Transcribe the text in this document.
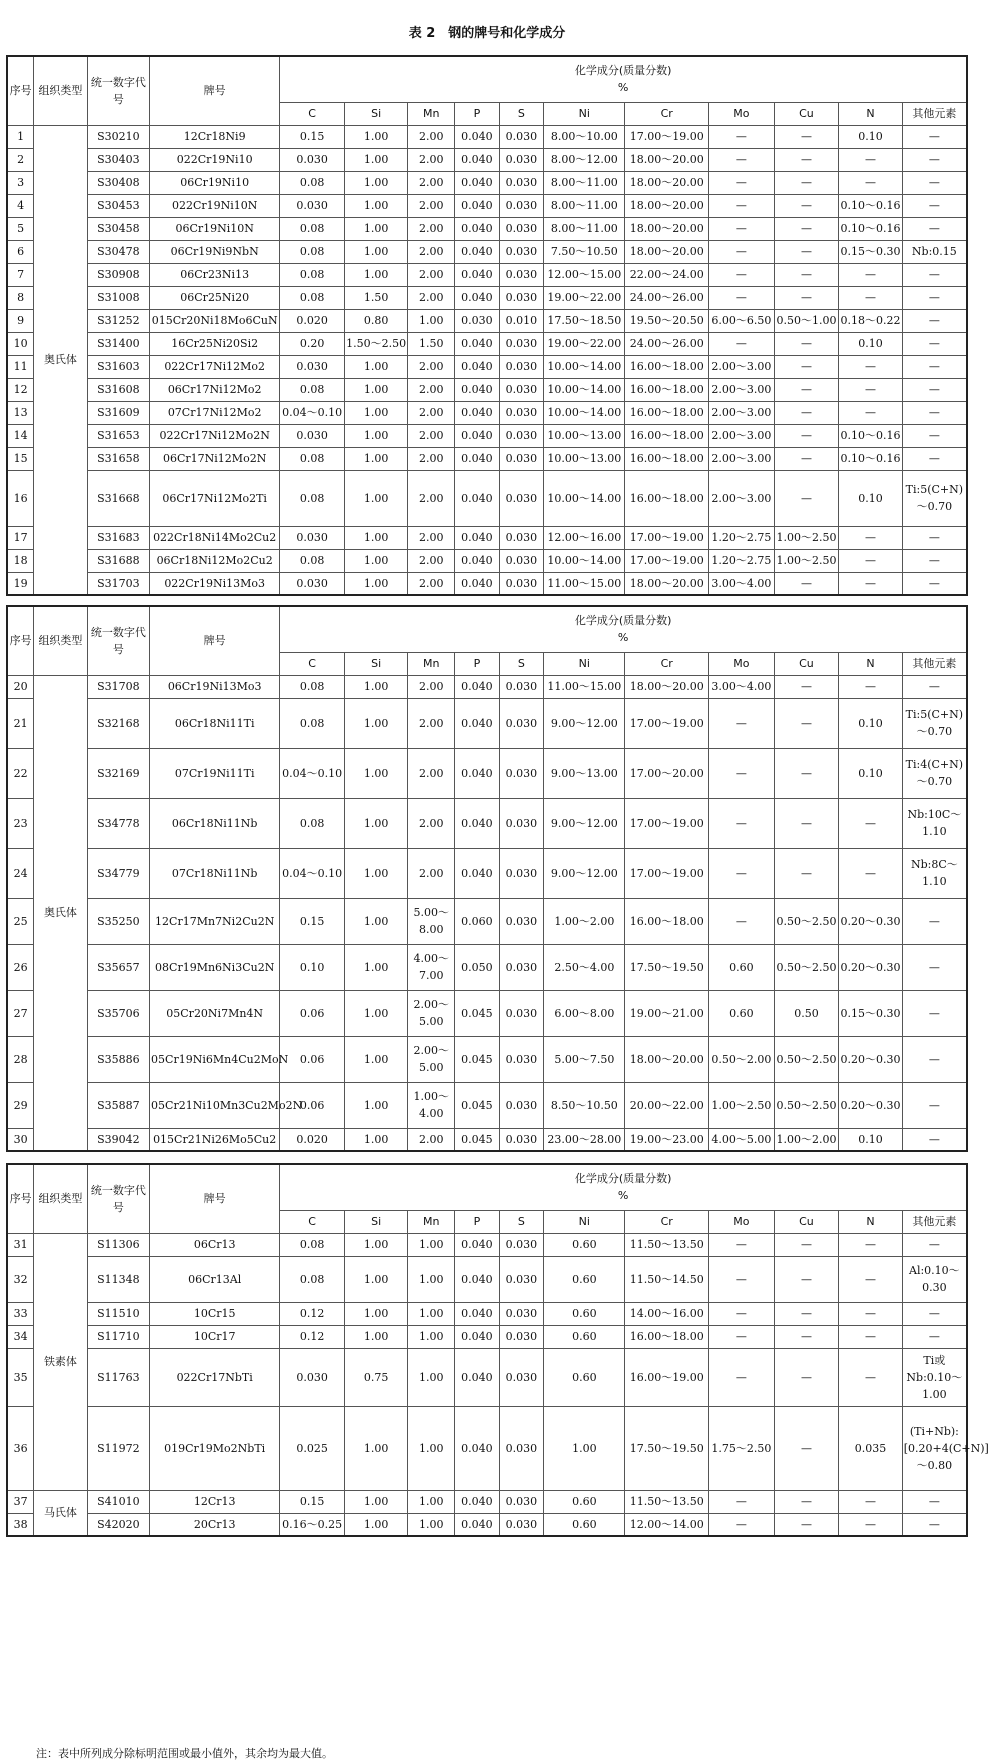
表 2　钢的牌号和化学成分
序号	组织类型	统一数字代号	牌号	化学成分(质量分数)
%										
				C	Si	Mn	P	S	Ni	Cr	Mo	Cu	N	其他元素
1	奥氏体	S30210	12Cr18Ni9	0.15	1.00	2.00	0.040	0.030	8.00～10.00	17.00～19.00	—	—	0.10	—
2		S30403	022Cr19Ni10	0.030	1.00	2.00	0.040	0.030	8.00～12.00	18.00～20.00	—	—	—	—
3		S30408	06Cr19Ni10	0.08	1.00	2.00	0.040	0.030	8.00～11.00	18.00～20.00	—	—	—	—
4		S30453	022Cr19Ni10N	0.030	1.00	2.00	0.040	0.030	8.00～11.00	18.00～20.00	—	—	0.10～0.16	—
5		S30458	06Cr19Ni10N	0.08	1.00	2.00	0.040	0.030	8.00～11.00	18.00～20.00	—	—	0.10～0.16	—
6		S30478	06Cr19Ni9NbN	0.08	1.00	2.00	0.040	0.030	7.50～10.50	18.00～20.00	—	—	0.15～0.30	Nb:0.15
7		S30908	06Cr23Ni13	0.08	1.00	2.00	0.040	0.030	12.00～15.00	22.00～24.00	—	—	—	—
8		S31008	06Cr25Ni20	0.08	1.50	2.00	0.040	0.030	19.00～22.00	24.00～26.00	—	—	—	—
9		S31252	015Cr20Ni18Mo6CuN	0.020	0.80	1.00	0.030	0.010	17.50～18.50	19.50～20.50	6.00～6.50	0.50～1.00	0.18～0.22	—
10		S31400	16Cr25Ni20Si2	0.20	1.50～2.50	1.50	0.040	0.030	19.00～22.00	24.00～26.00	—	—	0.10	—
11		S31603	022Cr17Ni12Mo2	0.030	1.00	2.00	0.040	0.030	10.00～14.00	16.00～18.00	2.00～3.00	—	—	—
12		S31608	06Cr17Ni12Mo2	0.08	1.00	2.00	0.040	0.030	10.00～14.00	16.00～18.00	2.00～3.00	—	—	—
13		S31609	07Cr17Ni12Mo2	0.04～0.10	1.00	2.00	0.040	0.030	10.00～14.00	16.00～18.00	2.00～3.00	—	—	—
14		S31653	022Cr17Ni12Mo2N	0.030	1.00	2.00	0.040	0.030	10.00～13.00	16.00～18.00	2.00～3.00	—	0.10～0.16	—
15		S31658	06Cr17Ni12Mo2N	0.08	1.00	2.00	0.040	0.030	10.00～13.00	16.00～18.00	2.00～3.00	—	0.10～0.16	—
16		S31668	06Cr17Ni12Mo2Ti	0.08	1.00	2.00	0.040	0.030	10.00～14.00	16.00～18.00	2.00～3.00	—	0.10	Ti:5(C+N)～0.70
17		S31683	022Cr18Ni14Mo2Cu2	0.030	1.00	2.00	0.040	0.030	12.00～16.00	17.00～19.00	1.20～2.75	1.00～2.50	—	—
18		S31688	06Cr18Ni12Mo2Cu2	0.08	1.00	2.00	0.040	0.030	10.00～14.00	17.00～19.00	1.20～2.75	1.00～2.50	—	—
19		S31703	022Cr19Ni13Mo3	0.030	1.00	2.00	0.040	0.030	11.00～15.00	18.00～20.00	3.00～4.00	—	—	—
序号	组织类型	统一数字代号	牌号	化学成分(质量分数)
%										
				C	Si	Mn	P	S	Ni	Cr	Mo	Cu	N	其他元素
20	奥氏体	S31708	06Cr19Ni13Mo3	0.08	1.00	2.00	0.040	0.030	11.00～15.00	18.00～20.00	3.00～4.00	—	—	—
21		S32168	06Cr18Ni11Ti	0.08	1.00	2.00	0.040	0.030	9.00～12.00	17.00～19.00	—	—	0.10	Ti:5(C+N)～0.70
22		S32169	07Cr19Ni11Ti	0.04～0.10	1.00	2.00	0.040	0.030	9.00～13.00	17.00～20.00	—	—	0.10	Ti:4(C+N)～0.70
23		S34778	06Cr18Ni11Nb	0.08	1.00	2.00	0.040	0.030	9.00～12.00	17.00～19.00	—	—	—	Nb:10C～1.10
24		S34779	07Cr18Ni11Nb	0.04～0.10	1.00	2.00	0.040	0.030	9.00～12.00	17.00～19.00	—	—	—	Nb:8C～1.10
25		S35250	12Cr17Mn7Ni2Cu2N	0.15	1.00	5.00～8.00	0.060	0.030	1.00～2.00	16.00～18.00	—	0.50～2.50	0.20～0.30	—
26		S35657	08Cr19Mn6Ni3Cu2N	0.10	1.00	4.00～7.00	0.050	0.030	2.50～4.00	17.50～19.50	0.60	0.50～2.50	0.20～0.30	—
27		S35706	05Cr20Ni7Mn4N	0.06	1.00	2.00～5.00	0.045	0.030	6.00～8.00	19.00～21.00	0.60	0.50	0.15～0.30	—
28		S35886	05Cr19Ni6Mn4Cu2MoN	0.06	1.00	2.00～5.00	0.045	0.030	5.00～7.50	18.00～20.00	0.50～2.00	0.50～2.50	0.20～0.30	—
29		S35887	05Cr21Ni10Mn3Cu2Mo2N	0.06	1.00	1.00～4.00	0.045	0.030	8.50～10.50	20.00～22.00	1.00～2.50	0.50～2.50	0.20～0.30	—
30		S39042	015Cr21Ni26Mo5Cu2	0.020	1.00	2.00	0.045	0.030	23.00～28.00	19.00～23.00	4.00～5.00	1.00～2.00	0.10	—
序号	组织类型	统一数字代号	牌号	化学成分(质量分数)
%										
				C	Si	Mn	P	S	Ni	Cr	Mo	Cu	N	其他元素
31	铁素体	S11306	06Cr13	0.08	1.00	1.00	0.040	0.030	0.60	11.50～13.50	—	—	—	—
32		S11348	06Cr13Al	0.08	1.00	1.00	0.040	0.030	0.60	11.50～14.50	—	—	—	Al:0.10～0.30
33		S11510	10Cr15	0.12	1.00	1.00	0.040	0.030	0.60	14.00～16.00	—	—	—	—
34		S11710	10Cr17	0.12	1.00	1.00	0.040	0.030	0.60	16.00～18.00	—	—	—	—
35		S11763	022Cr17NbTi	0.030	0.75	1.00	0.040	0.030	0.60	16.00～19.00	—	—	—	Ti或Nb:0.10～1.00
36		S11972	019Cr19Mo2NbTi	0.025	1.00	1.00	0.040	0.030	1.00	17.50～19.50	1.75～2.50	—	0.035	(Ti+Nb):[0.20+4(C+N)]～0.80
37	马氏体	S41010	12Cr13	0.15	1.00	1.00	0.040	0.030	0.60	11.50～13.50	—	—	—	—
38		S42020	20Cr13	0.16～0.25	1.00	1.00	0.040	0.030	0.60	12.00～14.00	—	—	—	—
注：表中所列成分除标明范围或最小值外，其余均为最大值。
